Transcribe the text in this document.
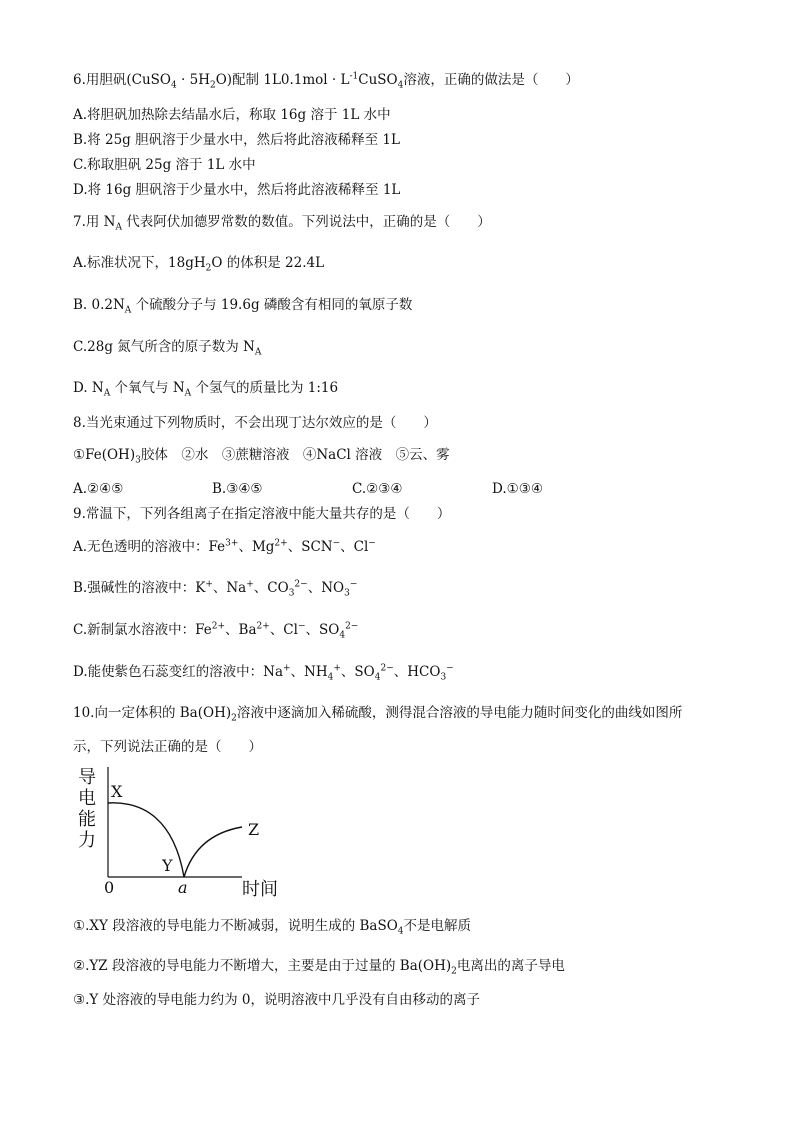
6.用胆矾(CuSO$_4$ · $5H_2O$)配制 $1L0.1mol \cdot L^{-1}CuSO_4$溶液，正确的做法是（　　）
A.将胆矾加热除去结晶水后，称取 16g 溶于 1L 水中
B.将 25g 胆矾溶于少量水中，然后将此溶液稀释至 1L
C.称取胆矾 25g 溶于 1L 水中
D.将 16g 胆矾溶于少量水中，然后将此溶液稀释至 1L
7.用 $N_A$ 代表阿伏加德罗常数的数值。下列说法中，正确的是（　　）
A.标准状况下，$18gH_2O$ 的体积是 22.4L
B. $0.2N_A$ 个硫酸分子与 19.6g 磷酸含有相同的氧原子数
C.28g 氮气所含的原子数为 $N_A$
D. $N_A$ 个氧气与 $N_A$ 个氢气的质量比为 1:16
8.当光束通过下列物质时，不会出现丁达尔效应的是（　　）
$①Fe(OH)_3$胶体　②水　③蔗糖溶液　④NaCl 溶液　⑤云、雾
A.②④⑤	B.③④⑤	C.②③④	D.①③④
9.常温下，下列各组离子在指定溶液中能大量共存的是（　　）
A.无色透明的溶液中：$Fe^{3+}$、$Mg^{2+}$、SCN−、Cl−
B.强碱性的溶液中：K+、Na+、$CO_3^{2-}$、$NO_3^-$
C.新制氯水溶液中：$Fe^{2+}$、$Ba^{2+}$、Cl−、$SO_4^{2-}$
D.能使紫色石蕊变红的溶液中：Na+、$NH_4^+$、$SO_4^{2-}$、$HCO_3^-$
10.向一定体积的 $Ba(OH)_2$溶液中逐滴加入稀硫酸，测得混合溶液的导电能力随时间变化的曲线如图所
示，下列说法正确的是（　　）
导
电
能
力
X
Y
Z
0	a	时间
①.XY 段溶液的导电能力不断减弱，说明生成的 BaSO$_4$不是电解质
②.YZ 段溶液的导电能力不断增大，主要是由于过量的 $Ba(OH)_2$电离出的离子导电
③.Y 处溶液的导电能力约为 0，说明溶液中几乎没有自由移动的离子
